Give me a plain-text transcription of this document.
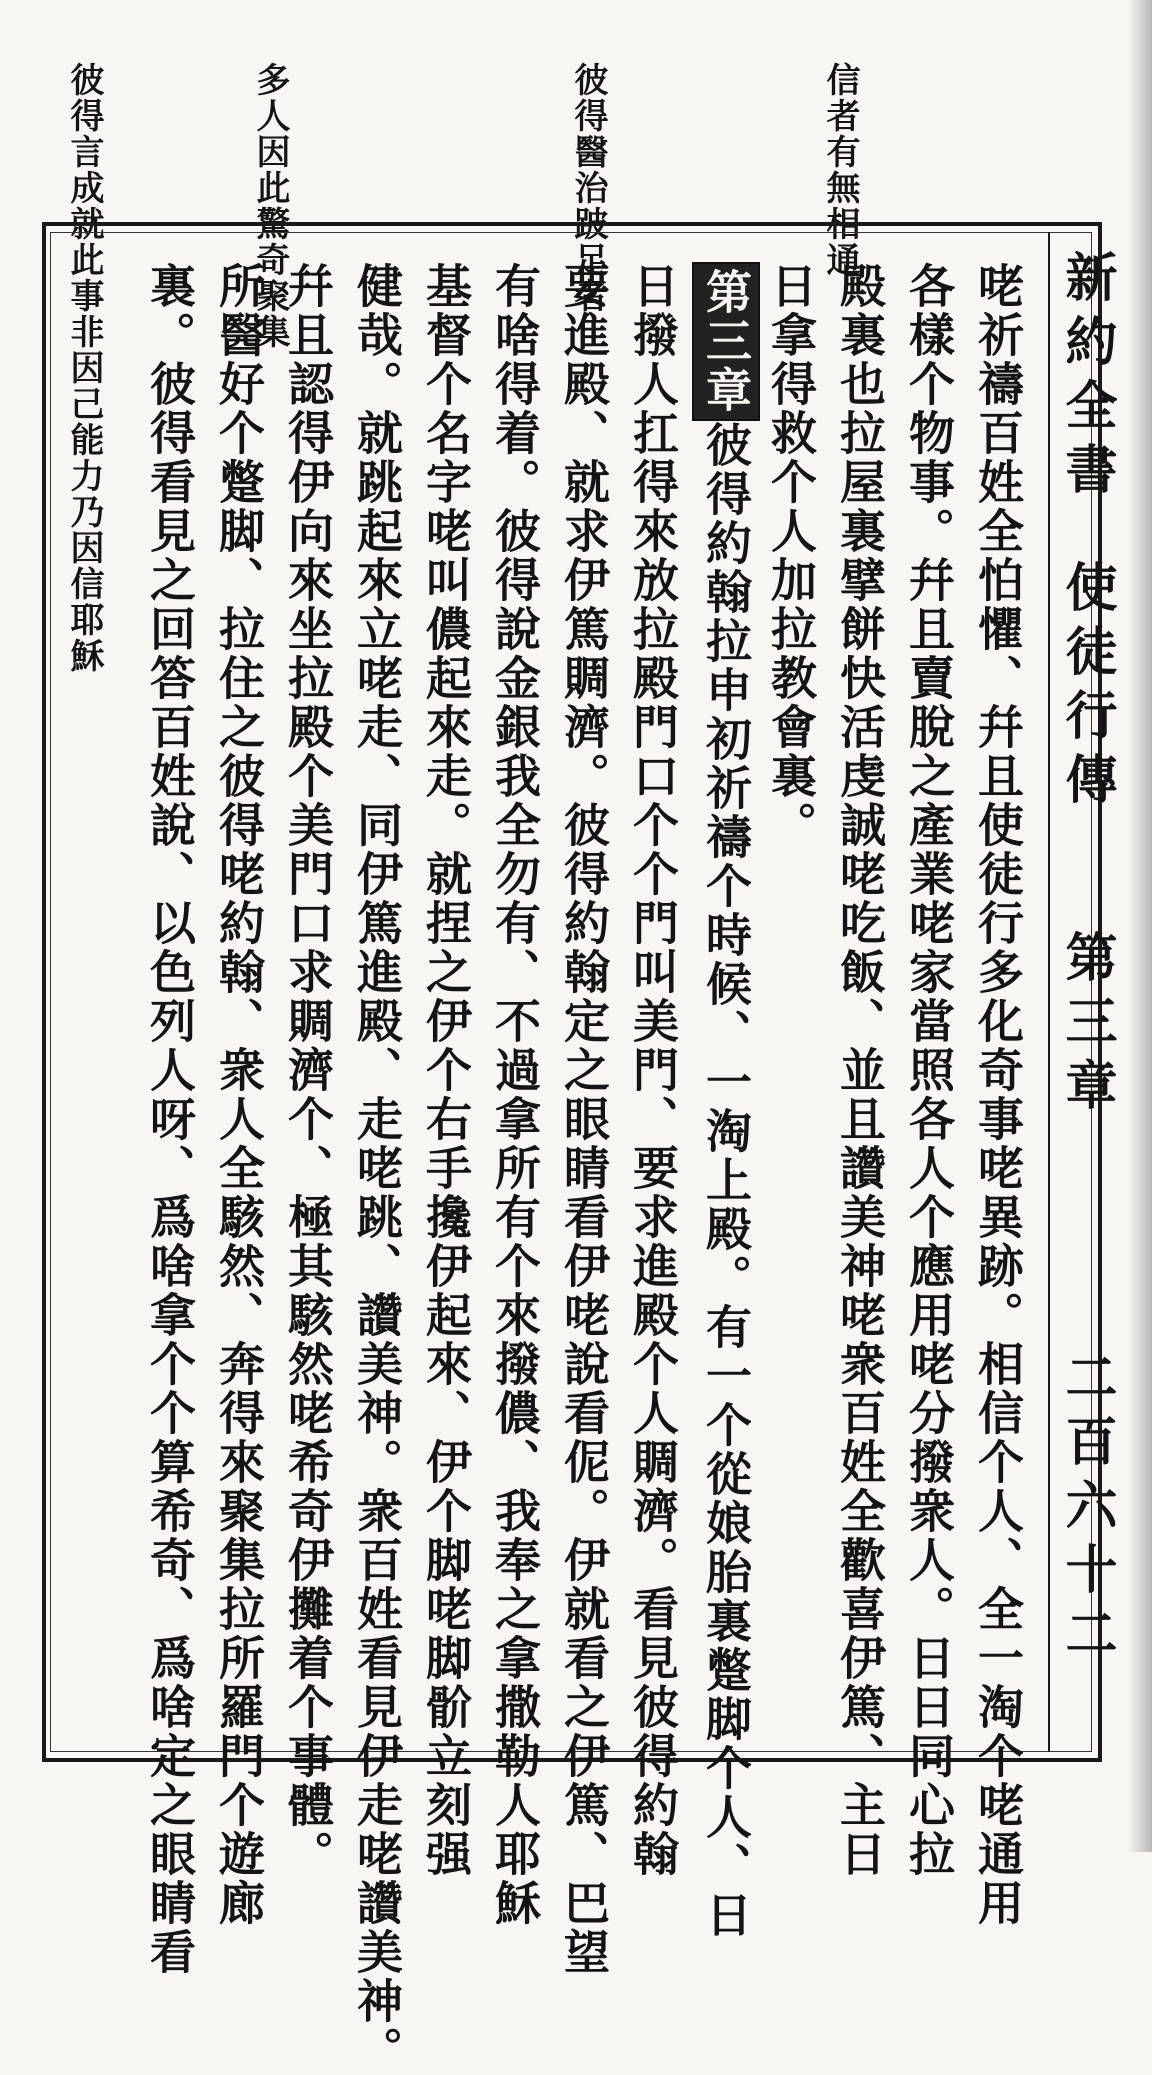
彼得言成就此事非因己能力乃因信耶穌	多人因此驚奇聚集	彼得醫治跛足者	信者有無相通
新約全書
使徒行傳
第三章
二百六十二
咾祈禱百姓全怕懼、幷且使徒行多化奇事咾異跡。相信个人、全一淘个咾通用
各樣个物事。幷且賣脫之產業咾家當照各人个應用咾分撥衆人。日日同心拉
殿裏也拉屋裏擘餅快活虔誠咾吃飯、並且讚美神咾衆百姓全歡喜伊篤、主日
日拿得救个人加拉教會裏。
第三章彼得約翰拉申初祈禱个時候、一淘上殿。有一个從娘胎裏蹩脚个人、日
日撥人扛得來放拉殿門口个个門叫美門、要求進殿个人賙濟。看見彼得約翰
要進殿、就求伊篤賙濟。彼得約翰定之眼睛看伊咾說看伲。伊就看之伊篤、巴望
有啥得着。彼得說金銀我全勿有、不過拿所有个來撥儂、我奉之拿撒勒人耶穌
基督个名字咾叫儂起來走。就捏之伊个右手攙伊起來、伊个脚咾脚骱立刻强
健哉。就跳起來立咾走、同伊篤進殿、走咾跳、讚美神。衆百姓看見伊走咾讚美神。
幷且認得伊向來坐拉殿个美門口求賙濟个、極其駭然咾希奇伊攤着个事體。
所醫好个蹩脚、拉住之彼得咾約翰、衆人全駭然、奔得來聚集拉所羅門个遊廊
裏。彼得看見之回答百姓說、以色列人呀、爲啥拿个个算希奇、爲啥定之眼睛看
